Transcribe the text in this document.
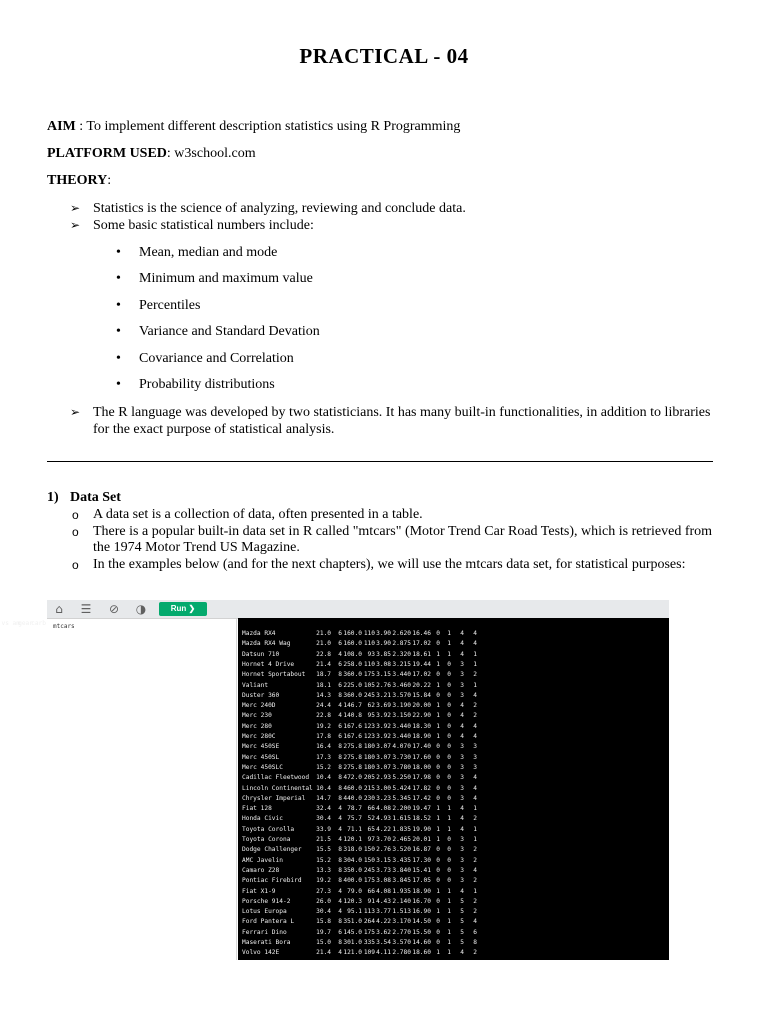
PRACTICAL - 04
AIM : To implement different description statistics using R Programming
PLATFORM USED: w3school.com
THEORY:
➢ Statistics is the science of analyzing, reviewing and conclude data.
➢ Some basic statistical numbers include:
• Mean, median and mode
• Minimum and maximum value
• Percentiles
• Variance and Standard Devation
• Covariance and Correlation
• Probability distributions
➢ The R language was developed by two statisticians. It has many built-in functionalities, in addition to libraries for the exact purpose of statistical analysis.
1) Data Set
o A data set is a collection of data, often presented in a table.
o There is a popular built-in data set in R called "mtcars" (Motor Trend Car Road Tests), which is retrieved from the 1974 Motor Trend US Magazine.
o In the examples below (and for the next chapters), we will use the mtcars data set, for statistical purposes:
⌂	☰ ⊘ ◑	Run ❯
mtcars
vs am
gear
carb
Mazda RX4	21.0 6 160.0 110 3.90 2.620 16.46 0 1 4 4
Mazda RX4 Wag	21.0 6 160.0 110 3.90 2.875 17.02 0 1 4 4
Datsun 710	22.8 4 108.0 93 3.85 2.320 18.61 1 1 4 1
Hornet 4 Drive	21.4 6 258.0 110 3.08 3.215 19.44 1 0 3 1
Hornet Sportabout 18.7 8 360.0 175 3.15 3.440 17.02 0 0 3 2
Valiant	18.1 6 225.0 105 2.76 3.460 20.22 1 0 3 1
Duster 360	14.3 8 360.0 245 3.21 3.570 15.84 0 0 3 4
Merc 240D	24.4 4 146.7 62 3.69 3.190 20.00 1 0 4 2
Merc 230	22.8 4 140.8 95 3.92 3.150 22.90 1 0 4 2
Merc 280	19.2 6 167.6 123 3.92 3.440 18.30 1 0 4 4
Merc 280C	17.8 6 167.6 123 3.92 3.440 18.90 1 0 4 4
Merc 450SE	16.4 8 275.8 180 3.07 4.070 17.40 0 0 3 3
Merc 450SL	17.3 8 275.8 180 3.07 3.730 17.60 0 0 3 3
Merc 450SLC	15.2 8 275.8 180 3.07 3.780 18.00 0 0 3 3
Cadillac Fleetwood 10.4 8 472.0 205 2.93 5.250 17.98 0 0 3 4
Lincoln Continental 10.4 8 460.0 215 3.00 5.424 17.82 0 0 3 4
Chrysler Imperial 14.7 8 440.0 230 3.23 5.345 17.42 0 0 3 4
Fiat 128	32.4 4 78.7 66 4.08 2.200 19.47 1 1 4 1
Honda Civic	30.4 4 75.7 52 4.93 1.615 18.52 1 1 4 2
Toyota Corolla	33.9 4 71.1 65 4.22 1.835 19.90 1 1 4 1
Toyota Corona	21.5 4 120.1 97 3.70 2.465 20.01 1 0 3 1
Dodge Challenger 15.5 8 318.0 150 2.76 3.520 16.87 0 0 3 2
AMC Javelin	15.2 8 304.0 150 3.15 3.435 17.30 0 0 3 2
Camaro Z28	13.3 8 350.0 245 3.73 3.840 15.41 0 0 3 4
Pontiac Firebird 19.2 8 400.0 175 3.08 3.845 17.05 0 0 3 2
Fiat X1-9	27.3 4 79.0 66 4.08 1.935 18.90 1 1 4 1
Porsche 914-2	26.0 4 120.3 91 4.43 2.140 16.70 0 1 5 2
Lotus Europa	30.4 4 95.1 113 3.77 1.513 16.90 1 1 5 2
Ford Pantera L	15.8 8 351.0 264 4.22 3.170 14.50 0 1 5 4
Ferrari Dino	19.7 6 145.0 175 3.62 2.770 15.50 0 1 5 6
Maserati Bora	15.0 8 301.0 335 3.54 3.570 14.60 0 1 5 8
Volvo 142E	21.4 4 121.0 109 4.11 2.780 18.60 1 1 4 2
